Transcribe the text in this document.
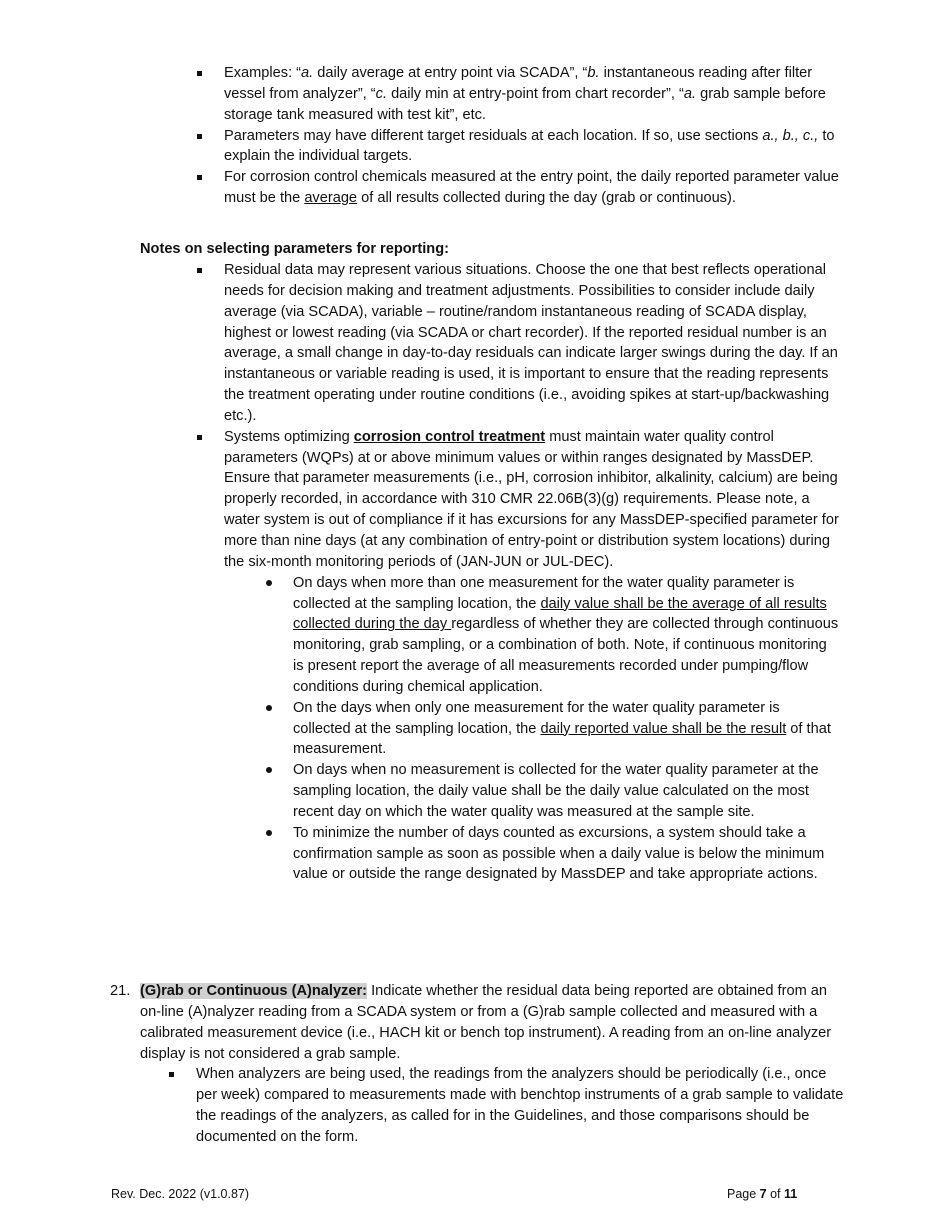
Examples: “a. daily average at entry point via SCADA”, “b. instantaneous reading after filter vessel from analyzer”, “c. daily min at entry-point from chart recorder”, “a. grab sample before storage tank measured with test kit”, etc.
Parameters may have different target residuals at each location. If so, use sections a., b., c., to explain the individual targets.
For corrosion control chemicals measured at the entry point, the daily reported parameter value must be the average of all results collected during the day (grab or continuous).
Notes on selecting parameters for reporting:
Residual data may represent various situations. Choose the one that best reflects operational needs for decision making and treatment adjustments. Possibilities to consider include daily average (via SCADA), variable – routine/random instantaneous reading of SCADA display, highest or lowest reading (via SCADA or chart recorder). If the reported residual number is an average, a small change in day-to-day residuals can indicate larger swings during the day. If an instantaneous or variable reading is used, it is important to ensure that the reading represents the treatment operating under routine conditions (i.e., avoiding spikes at start-up/backwashing etc.).
Systems optimizing corrosion control treatment must maintain water quality control parameters (WQPs) at or above minimum values or within ranges designated by MassDEP. Ensure that parameter measurements (i.e., pH, corrosion inhibitor, alkalinity, calcium) are being properly recorded, in accordance with 310 CMR 22.06B(3)(g) requirements. Please note, a water system is out of compliance if it has excursions for any MassDEP-specified parameter for more than nine days (at any combination of entry-point or distribution system locations) during the six-month monitoring periods of (JAN-JUN or JUL-DEC).
On days when more than one measurement for the water quality parameter is collected at the sampling location, the daily value shall be the average of all results collected during the day regardless of whether they are collected through continuous monitoring, grab sampling, or a combination of both. Note, if continuous monitoring is present report the average of all measurements recorded under pumping/flow conditions during chemical application.
On the days when only one measurement for the water quality parameter is collected at the sampling location, the daily reported value shall be the result of that measurement.
On days when no measurement is collected for the water quality parameter at the sampling location, the daily value shall be the daily value calculated on the most recent day on which the water quality was measured at the sample site.
To minimize the number of days counted as excursions, a system should take a confirmation sample as soon as possible when a daily value is below the minimum value or outside the range designated by MassDEP and take appropriate actions.
21. (G)rab or Continuous (A)nalyzer: Indicate whether the residual data being reported are obtained from an on-line (A)nalyzer reading from a SCADA system or from a (G)rab sample collected and measured with a calibrated measurement device (i.e., HACH kit or bench top instrument). A reading from an on-line analyzer display is not considered a grab sample.
When analyzers are being used, the readings from the analyzers should be periodically (i.e., once per week) compared to measurements made with benchtop instruments of a grab sample to validate the readings of the analyzers, as called for in the Guidelines, and those comparisons should be documented on the form.
Rev. Dec. 2022 (v1.0.87)	Page 7 of 11
